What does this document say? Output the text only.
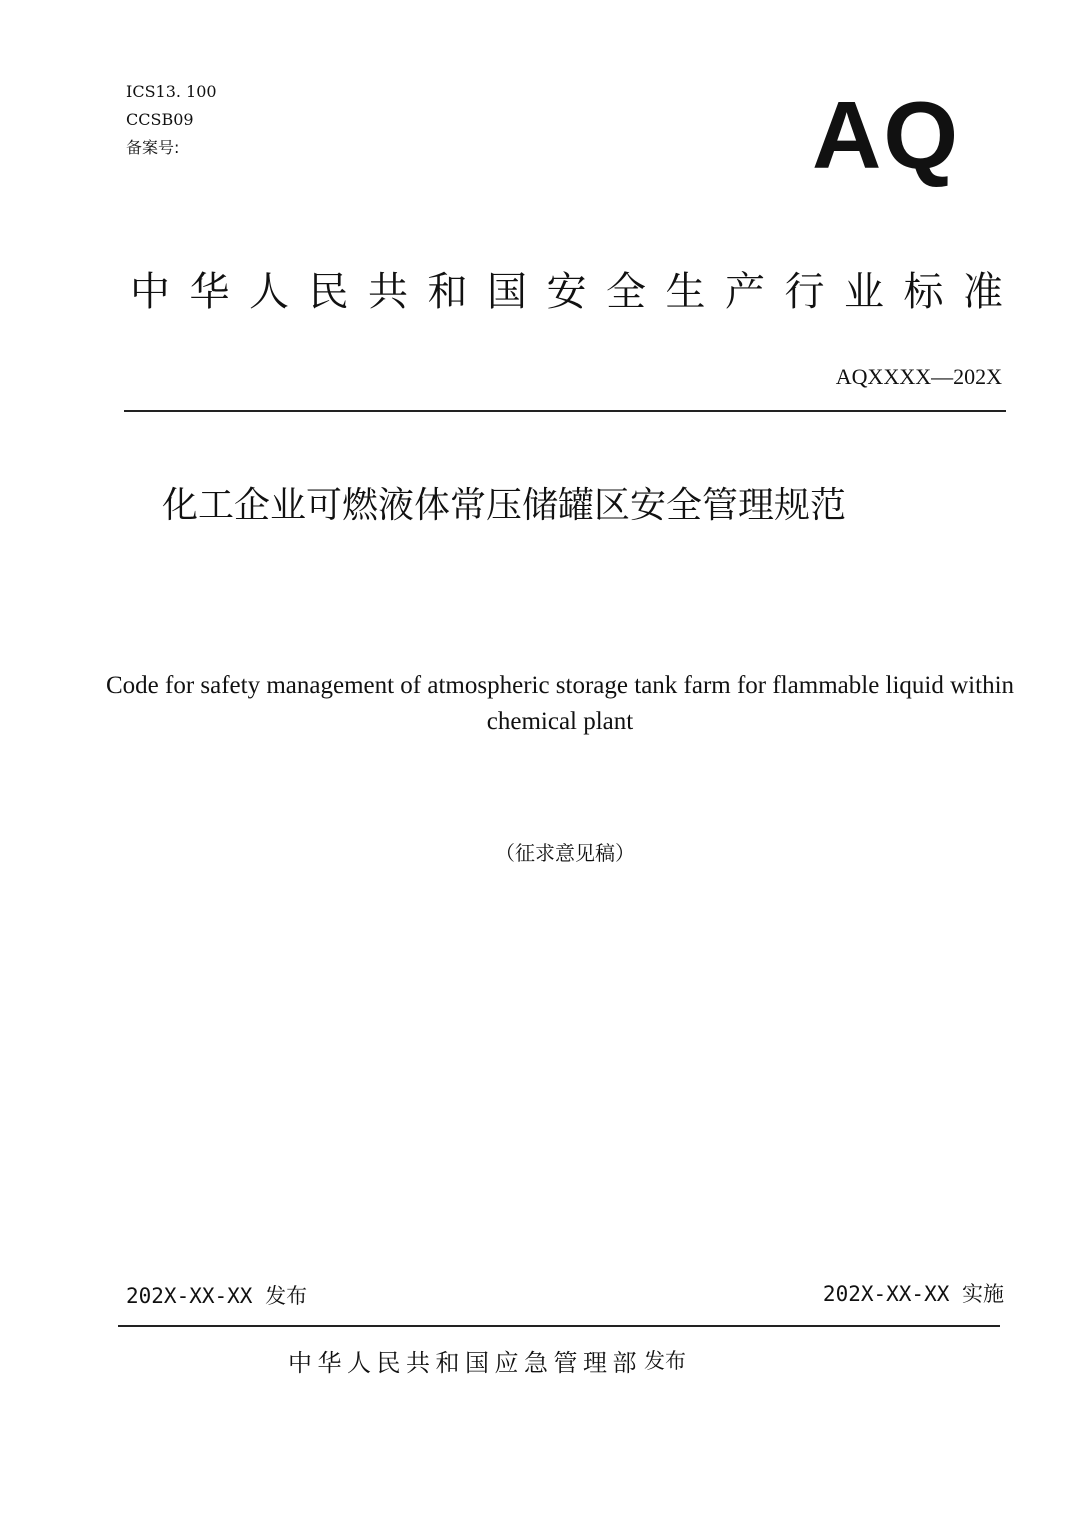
ICS13. 100
CCSB09
备案号:	AQ
中华人民共和国安全生产行业标准
AQXXXX—202X
化工企业可燃液体常压储罐区安全管理规范
Code for safety management of atmospheric storage tank farm for flammable liquid within chemical plant
（征求意见稿）
202X-XX-XX 发布	202X-XX-XX 实施
中华人民共和国应急管理部发布
